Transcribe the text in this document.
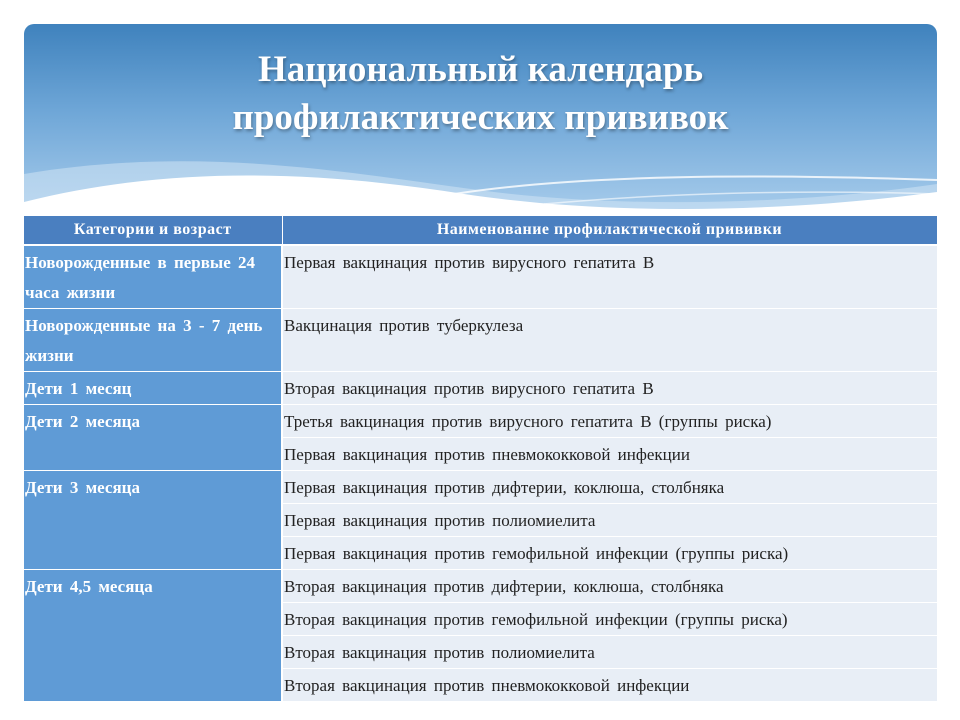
Национальный календарь
профилактических прививок
Категории и возраст	Наименование профилактической прививки
Новорожденные в первые 24 часа жизни	Первая вакцинация против вирусного гепатита В
Новорожденные на 3 - 7 день жизни	Вакцинация против туберкулеза
Дети 1 месяц	Вторая вакцинация против вирусного гепатита В
Дети 2 месяца	Третья вакцинация против вирусного гепатита В (группы риска)
	Первая вакцинация против пневмококковой инфекции
Дети 3 месяца	Первая вакцинация против дифтерии, коклюша, столбняка
	Первая вакцинация против полиомиелита
	Первая вакцинация против гемофильной инфекции (группы риска)
Дети 4,5 месяца	Вторая вакцинация против дифтерии, коклюша, столбняка
	Вторая вакцинация против гемофильной инфекции (группы риска)
	Вторая вакцинация против полиомиелита
	Вторая вакцинация против пневмококковой инфекции
